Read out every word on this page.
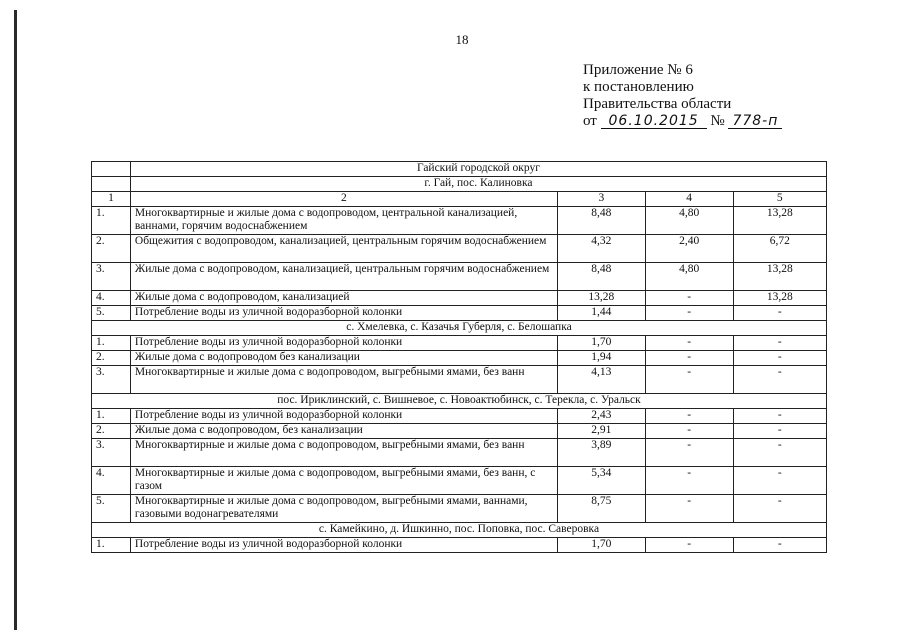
18
Приложение № 6
к постановлению
Правительства области
от 06.10.2015 № 778-п
	Гайский городской округ			
	г. Гай, пос. Калиновка			
1	2	3	4	5
1.	Многоквартирные и жилые дома с водопроводом, центральной канализацией, ваннами, горячим водоснабжением	8,48	4,80	13,28
2.	Общежития с водопроводом, канализацией, центральным горячим водоснабжением	4,32	2,40	6,72
3.	Жилые дома с водопроводом, канализацией, центральным горячим водоснабжением	8,48	4,80	13,28
4.	Жилые дома с водопроводом, канализацией	13,28	-	13,28
5.	Потребление воды из уличной водоразборной колонки	1,44	-	-
с. Хмелевка, с. Казачья Губерля, с. Белошапка				
1.	Потребление воды из уличной водоразборной колонки	1,70	-	-
2.	Жилые дома с водопроводом без канализации	1,94	-	-
3.	Многоквартирные и жилые дома с водопроводом, выгребными ямами, без ванн	4,13	-	-
пос. Ириклинский, с. Вишневое, с. Новоактюбинск, с. Терекла, с. Уральск				
1.	Потребление воды из уличной водоразборной колонки	2,43	-	-
2.	Жилые дома с водопроводом, без канализации	2,91	-	-
3.	Многоквартирные и жилые дома с водопроводом, выгребными ямами, без ванн	3,89	-	-
4.	Многоквартирные и жилые дома с водопроводом, выгребными ямами, без ванн, с газом	5,34	-	-
5.	Многоквартирные и жилые дома с водопроводом, выгребными ямами, ваннами, газовыми водонагревателями	8,75	-	-
с. Камейкино, д. Ишкинно, пос. Поповка, пос. Саверовка				
1.	Потребление воды из уличной водоразборной колонки	1,70	-	-
